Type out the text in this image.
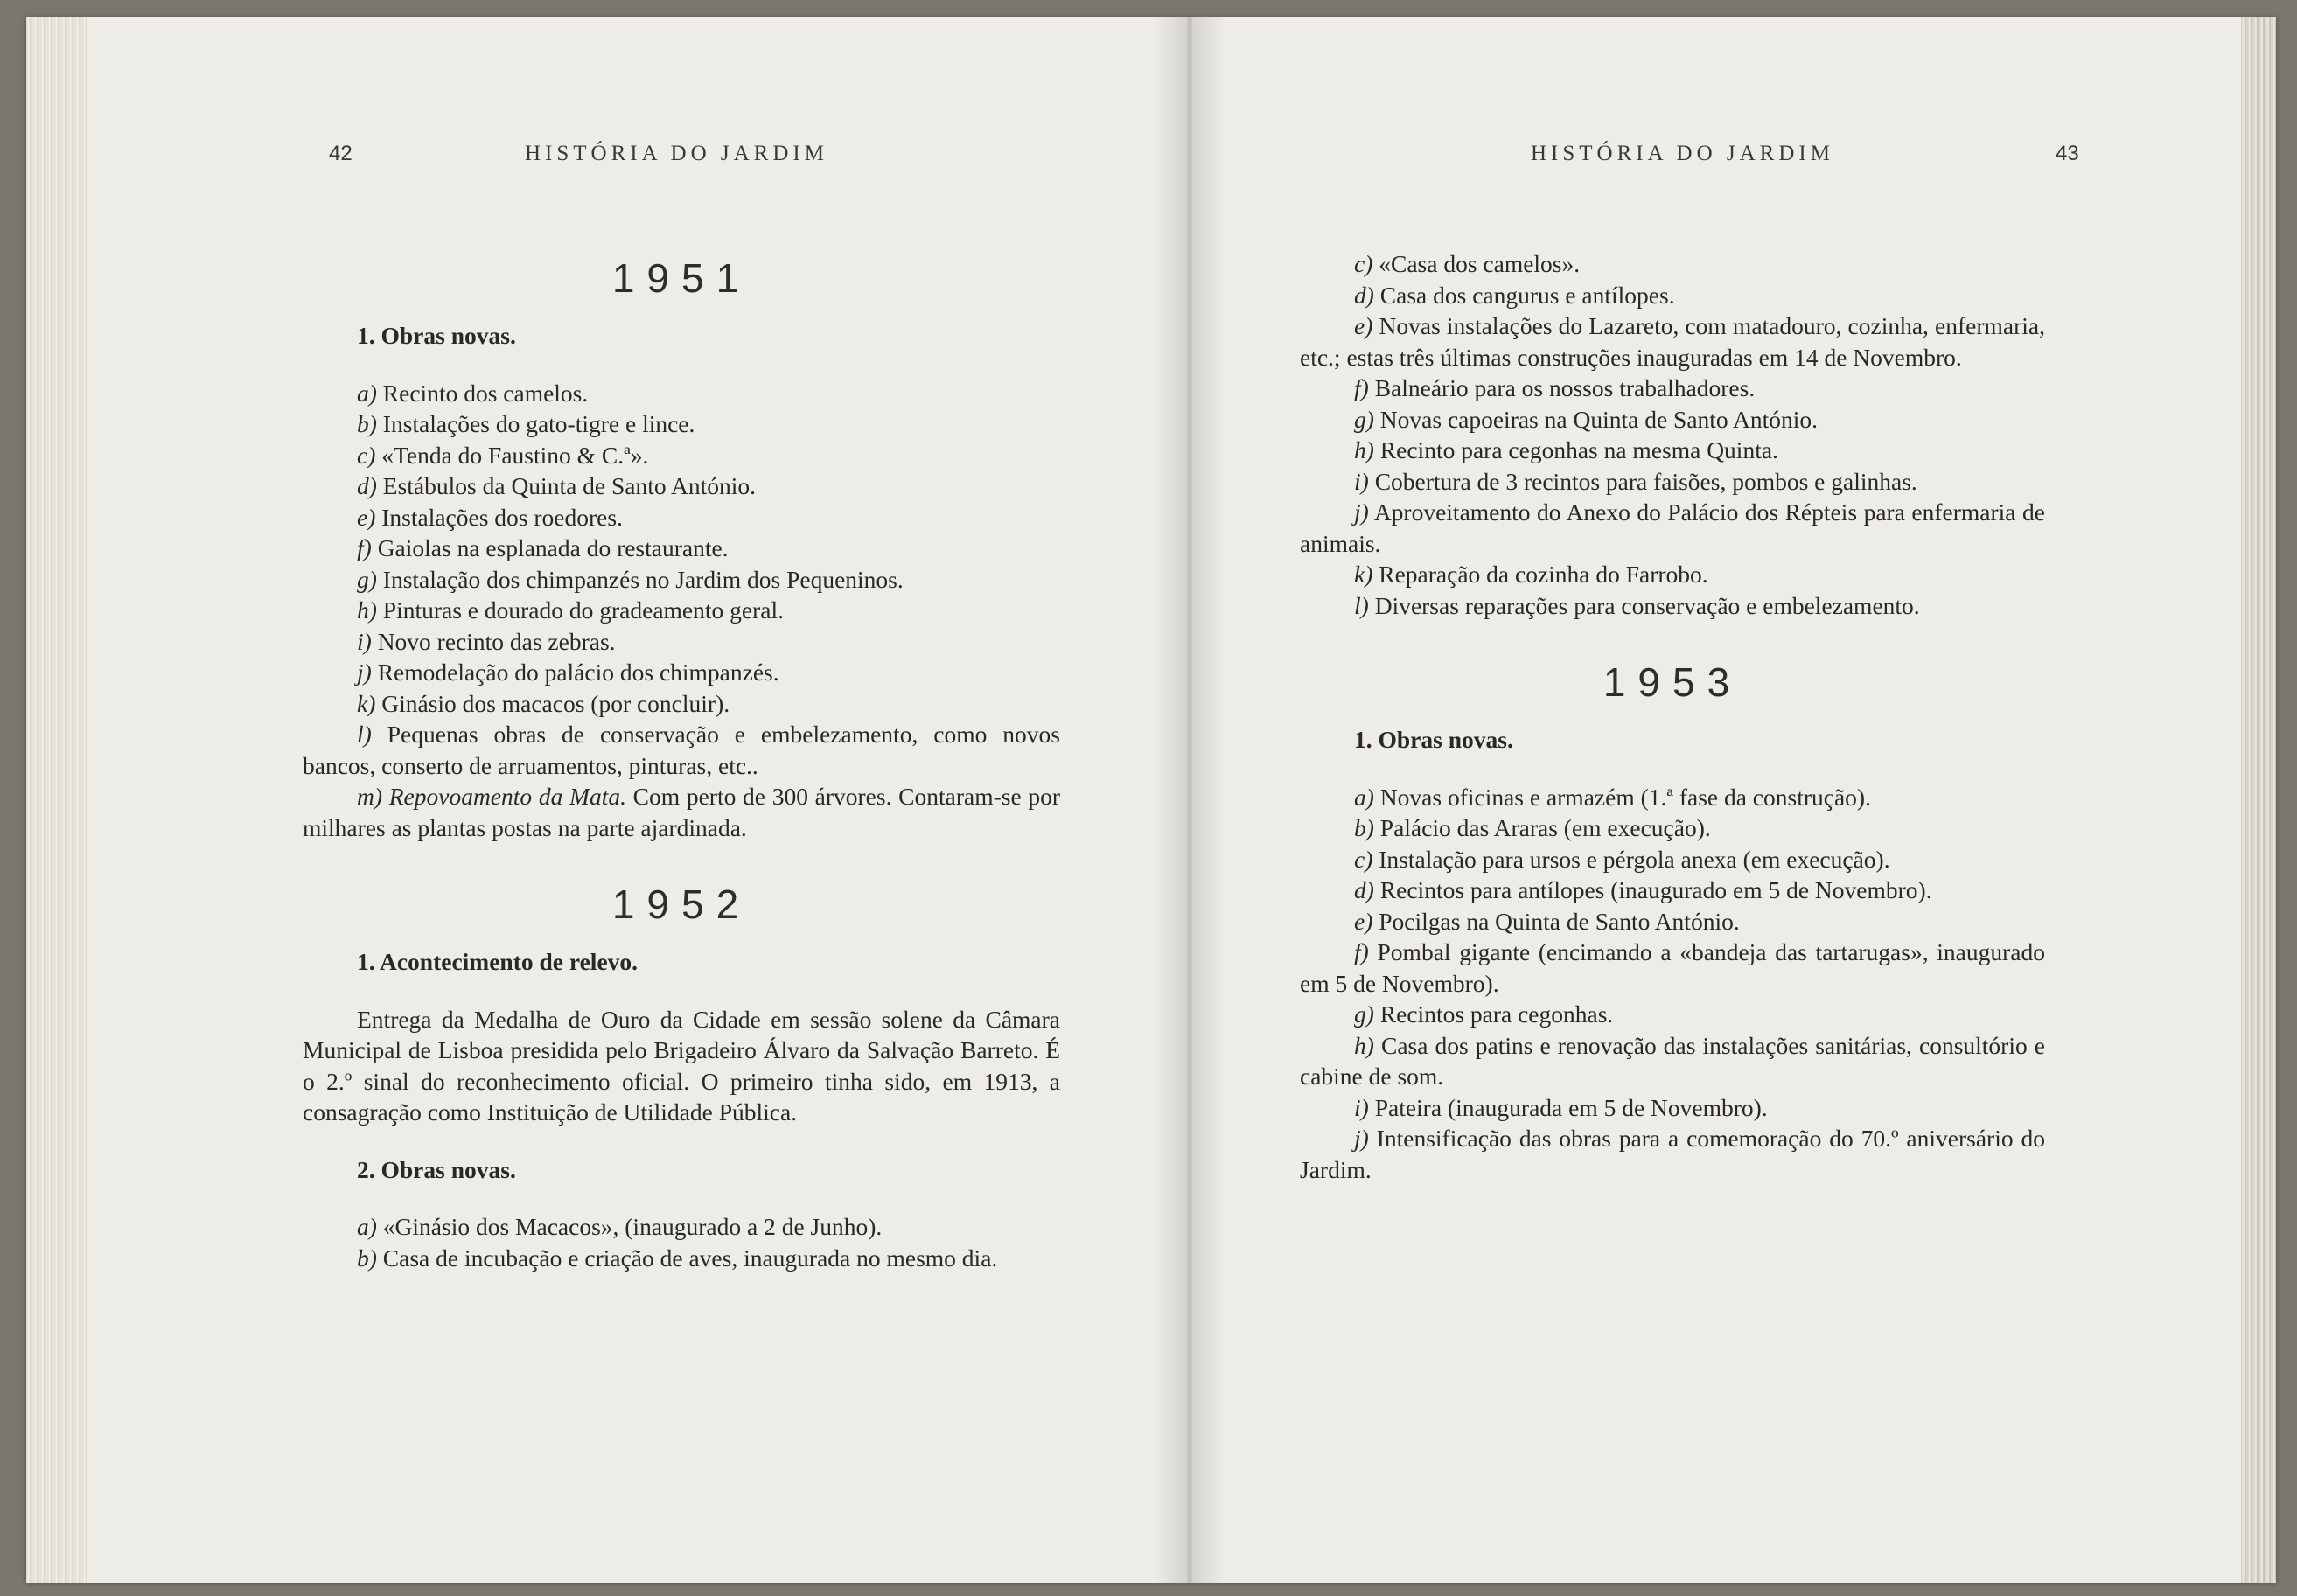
42	HISTÓRIA DO JARDIM

1951

1. Obras novas.

a) Recinto dos camelos.

b) Instalações do gato-tigre e lince.

c) «Tenda do Faustino & C.ª».

d) Estábulos da Quinta de Santo António.

e) Instalações dos roedores.

f) Gaiolas na esplanada do restaurante.

g) Instalação dos chimpanzés no Jardim dos Pequeninos.

h) Pinturas e dourado do gradeamento geral.

i) Novo recinto das zebras.

j) Remodelação do palácio dos chimpanzés.

k) Ginásio dos macacos (por concluir).

l) Pequenas obras de conservação e embelezamento, como novos bancos, conserto de arruamentos, pinturas, etc..

m) Repovoamento da Mata. Com perto de 300 árvores. Contaram-se por milhares as plantas postas na parte ajardinada.

1952

1. Acontecimento de relevo.

Entrega da Medalha de Ouro da Cidade em sessão solene da Câmara Municipal de Lisboa presidida pelo Brigadeiro Álvaro da Salvação Barreto. É o 2.º sinal do reconhecimento oficial. O primeiro tinha sido, em 1913, a consagração como Instituição de Utilidade Pública.

2. Obras novas.

a) «Ginásio dos Macacos», (inaugurado a 2 de Junho).

b) Casa de incubação e criação de aves, inaugurada no mesmo dia.

HISTÓRIA DO JARDIM	43

c) «Casa dos camelos».

d) Casa dos cangurus e antílopes.

e) Novas instalações do Lazareto, com matadouro, cozinha, enfermaria, etc.; estas três últimas construções inauguradas em 14 de Novembro.

f) Balneário para os nossos trabalhadores.

g) Novas capoeiras na Quinta de Santo António.

h) Recinto para cegonhas na mesma Quinta.

i) Cobertura de 3 recintos para faisões, pombos e galinhas.

j) Aproveitamento do Anexo do Palácio dos Répteis para enfermaria de animais.

k) Reparação da cozinha do Farrobo.

l) Diversas reparações para conservação e embelezamento.

1953

1. Obras novas.

a) Novas oficinas e armazém (1.ª fase da construção).

b) Palácio das Araras (em execução).

c) Instalação para ursos e pérgola anexa (em execução).

d) Recintos para antílopes (inaugurado em 5 de Novembro).

e) Pocilgas na Quinta de Santo António.

f) Pombal gigante (encimando a «bandeja das tartarugas», inaugurado em 5 de Novembro).

g) Recintos para cegonhas.

h) Casa dos patins e renovação das instalações sanitárias, consultório e cabine de som.

i) Pateira (inaugurada em 5 de Novembro).

j) Intensificação das obras para a comemoração do 70.º aniversário do Jardim.
